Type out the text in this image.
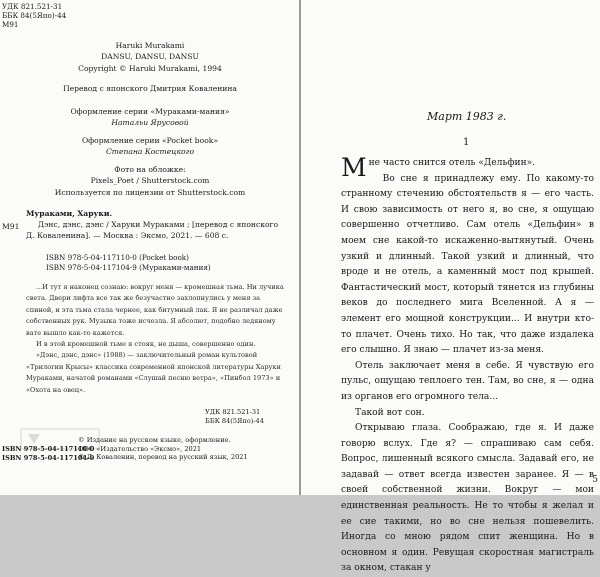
УДК 821.521-31
ББК 84(5Япо)-44
М91
Haruki Murakami
DANSU, DANSU, DANSU
Copyright © Haruki Murakami, 1994
Перевод с японского Дмитрия Коваленина
Оформление серии «Мураками-мания»
Натальи Ярусовой
Оформление серии «Pocket book»
Степана Костецкого
Фото на обложке:
Pixels_Poet / Shutterstock.com
Используется по лицензии от Shutterstock.com
Мураками, Харуки.
М91	Дэнс, дэнс, дэнс / Харуки Мураками ; [перевод с японского Д. Коваленина]. — Москва : Эксмо, 2021. — 608 с.
ISBN 978-5-04-117110-0 (Pocket book)
ISBN 978-5-04-117104-9 (Мураками-мания)

...И тут я наконец сознаю: вокруг меня — кромешная тьма. Ни лучика света. Двери лифта все так же безучастно захлопнулись у меня за спиной, и эта тьма стала чернее, как битумный лак. Я не различал даже собственных рук. Музыка тоже исчезла. Я абсолют, подобно ледяному вате вышло как-то кажется.

И в этой кромешной тьме я стояк, не дыша, совершенно один.

«Дэнс, дэнс, дэнс» (1988) — заключительный роман культовой «Трилогии Крысы» классика современной японской литературы Харуки Мураками, начатой романами «Слушай песню ветра», «Пинбол 1973» и «Охота на овец».

УДК 821.521-31
ББК 84(5Япо)-44
ISBN 978-5-04-117110-0
ISBN 978-5-04-117104-9
© Издание на русском языке, оформление.
ООО «Издательство «Эксмо», 2021
© Д. Коваленин, перевод на русский язык, 2021
Март 1983 г.
1

Мне часто снится отель «Дельфин».

Во сне я принадлежу ему. По какому-то странному стечению обстоятельств я — его часть. И свою зависимость от него я, во сне, я ощущаю совершенно отчетливо. Сам отель «Дельфин» в моем сне какой-то искаженно-вытянутый. Очень узкий и длинный. Такой узкий и длинный, что вроде и не отель, а каменный мост под крышей. Фантастический мост, который тянется из глубины веков до последнего мига Вселенной. А я — элемент его мощной конструкции... И внутри кто-то плачет. Очень тихо. Но так, что даже издалека его слышно. Я знаю — плачет из-за меня.

Отель заключает меня в себе. Я чувствую его пульс, ощущаю теплоего тен. Там, во сне, я — одна из органов его огромного тела...

Такой вот сон.

Открываю глаза. Соображаю, где я. И даже говорю вслух. Где я? — спрашиваю сам себя. Вопрос, лишенный всякого смысла. Задавай его, не задавай — ответ всегда известен заранее. Я — в своей собственной жизни. Вокруг — мои единственная реальность. Не то чтобы я желал и ее сие такими, но во сне нельзя пошевелить. Иногда со мною рядом спит женщина. Но в основном я один. Ревущая скоростная магистраль за окном, стакан у

5
